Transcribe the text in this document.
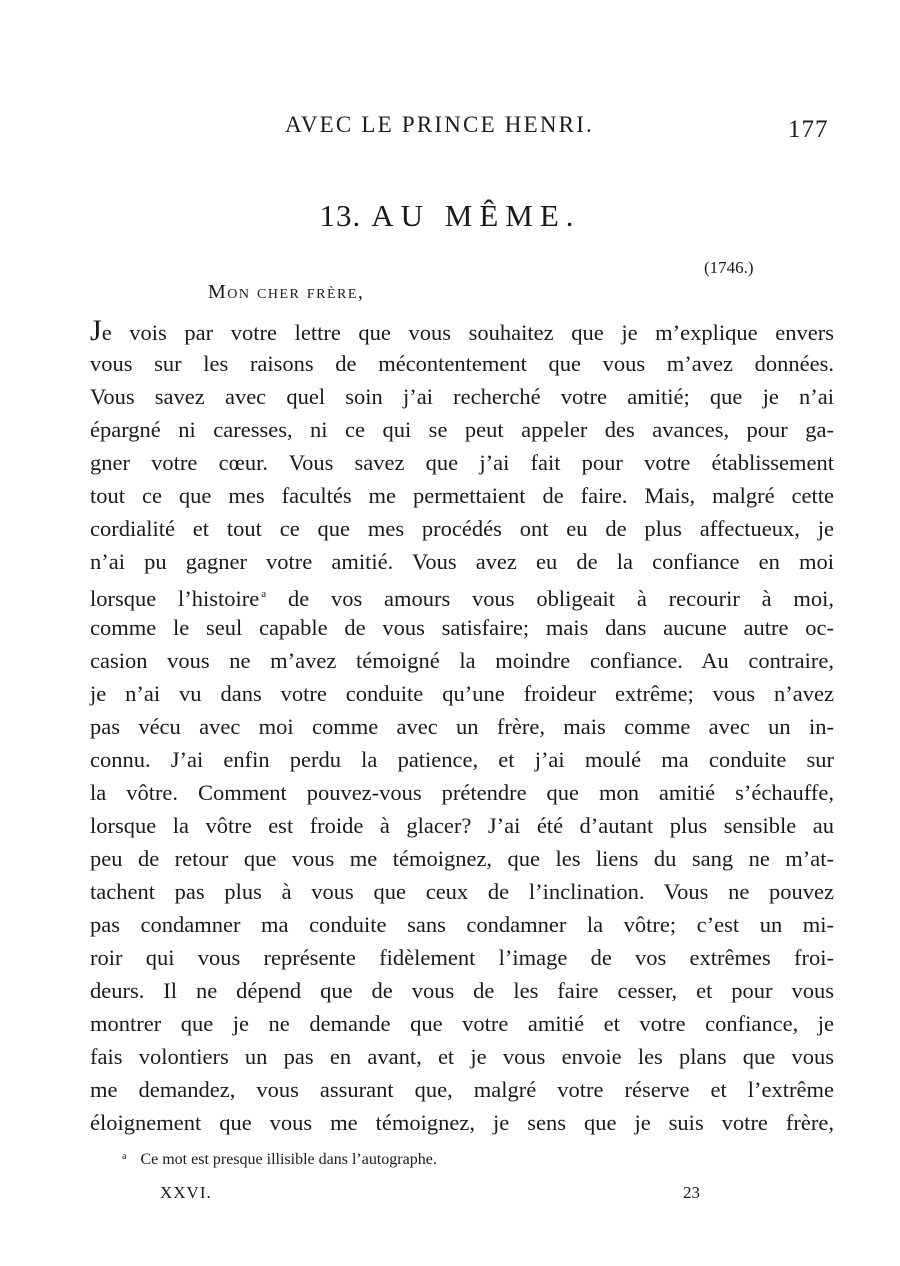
AVEC LE PRINCE HENRI.	177
13. AU MÊME.
(1746.)
Mon cher frère,
Je vois par votre lettre que vous souhaitez que je m’explique envers
vous sur les raisons de mécontentement que vous m’avez données.
Vous savez avec quel soin j’ai recherché votre amitié; que je n’ai
épargné ni caresses, ni ce qui se peut appeler des avances, pour ga-
gner votre cœur. Vous savez que j’ai fait pour votre établissement
tout ce que mes facultés me permettaient de faire. Mais, malgré cette
cordialité et tout ce que mes procédés ont eu de plus affectueux, je
n’ai pu gagner votre amitié. Vous avez eu de la confiance en moi
lorsque l’histoire $^a$ de vos amours vous obligeait à recourir à moi,
comme le seul capable de vous satisfaire; mais dans aucune autre oc-
casion vous ne m’avez témoigné la moindre confiance. Au contraire,
je n’ai vu dans votre conduite qu’une froideur extrême; vous n’avez
pas vécu avec moi comme avec un frère, mais comme avec un in-
connu. J’ai enfin perdu la patience, et j’ai moulé ma conduite sur
la vôtre. Comment pouvez-vous prétendre que mon amitié s’échauffe,
lorsque la vôtre est froide à glacer? J’ai été d’autant plus sensible au
peu de retour que vous me témoignez, que les liens du sang ne m’at-
tachent pas plus à vous que ceux de l’inclination. Vous ne pouvez
pas condamner ma conduite sans condamner la vôtre; c’est un mi-
roir qui vous représente fidèlement l’image de vos extrêmes froi-
deurs. Il ne dépend que de vous de les faire cesser, et pour vous
montrer que je ne demande que votre amitié et votre confiance, je
fais volontiers un pas en avant, et je vous envoie les plans que vous
me demandez, vous assurant que, malgré votre réserve et l’extrême
éloignement que vous me témoignez, je sens que je suis votre frère,
$^a$ Ce mot est presque illisible dans l’autographe.
XXVI.	23
